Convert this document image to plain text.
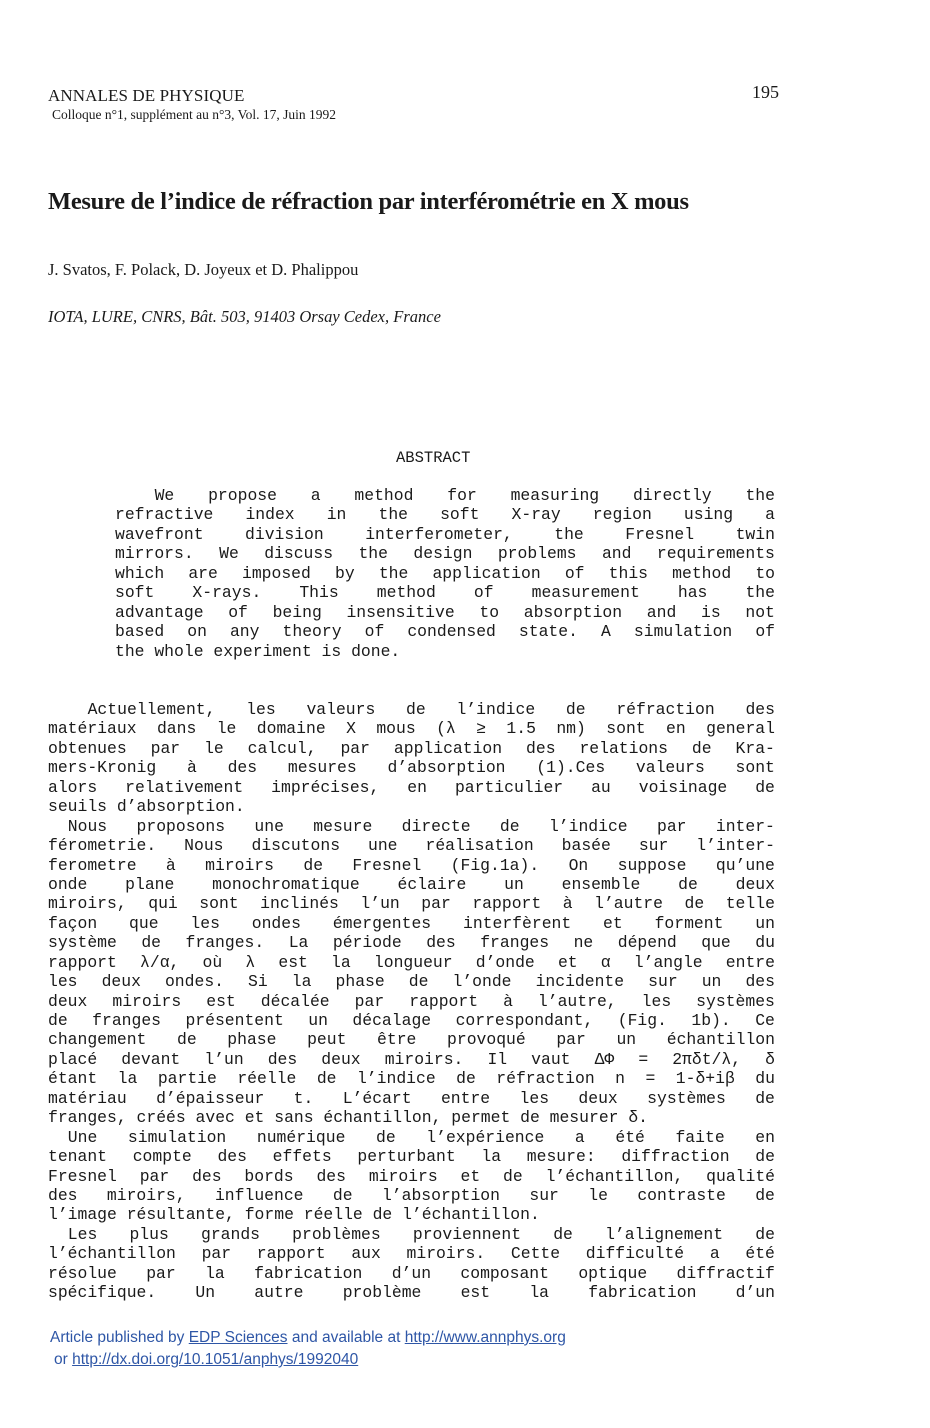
ANNALES DE PHYSIQUE
Colloque n°1, supplément au n°3, Vol. 17, Juin 1992
195
Mesure de l’indice de réfraction par interférométrie en X mous
J. Svatos, F. Polack, D. Joyeux et D. Phalippou
IOTA, LURE, CNRS, Bât. 503, 91403 Orsay Cedex, France
ABSTRACT
We propose a method for measuring directly the
refractive index in the soft X-ray region using a
wavefront	division	interferometer,	the	Fresnel	twin
mirrors. We discuss the design problems and requirements
which are imposed by the application of this method to
soft X-rays. This method of measurement has the
advantage of being insensitive to absorption and is not
based on any theory of condensed state. A simulation of
the whole experiment is done.
Actuellement, les valeurs de l’indice de réfraction des
matériaux dans le domaine X mous (λ ≥ 1.5 nm) sont en general
obtenues par le calcul, par application des relations de Kra-
mers-Kronig à des mesures d’absorption (1).Ces valeurs sont
alors relativement imprécises, en particulier au voisinage de
seuils d’absorption.
Nous proposons une mesure directe de l’indice par inter-
férometrie. Nous discutons une réalisation basée sur l’inter-
ferometre à miroirs de Fresnel (Fig.1a). On suppose qu’une
onde plane monochromatique éclaire un ensemble de deux
miroirs, qui sont inclinés l’un par rapport à l’autre de telle
façon que les ondes émergentes interfèrent et forment un
système de franges. La période des franges ne dépend que du
rapport λ/α, où λ est la longueur d’onde et α l’angle entre
les deux ondes. Si la phase de l’onde incidente sur un des
deux miroirs est décalée par rapport à l’autre, les systèmes
de franges présentent un décalage correspondant, (Fig. 1b). Ce
changement de phase peut être provoqué par un échantillon
placé devant l’un des deux miroirs. Il vaut ΔΦ = 2πδt/λ, δ
étant la partie réelle de l’indice de réfraction n = 1-δ+iβ du
matériau d’épaisseur t. L’écart entre les deux systèmes de
franges, créés avec et sans échantillon, permet de mesurer δ.
Une simulation numérique de l’expérience a été faite en
tenant compte des effets perturbant la mesure: diffraction de
Fresnel par des bords des miroirs et de l’échantillon, qualité
des miroirs, influence de l’absorption sur le contraste de
l’image résultante, forme réelle de l’échantillon.
Les plus grands problèmes proviennent de l’alignement de
l’échantillon par rapport aux miroirs. Cette difficulté a été
résolue par la fabrication d’un composant optique diffractif
spécifique. Un autre problème est la fabrication d’un
Article published by EDP Sciences and available at http://www.annphys.org
or http://dx.doi.org/10.1051/anphys/1992040
